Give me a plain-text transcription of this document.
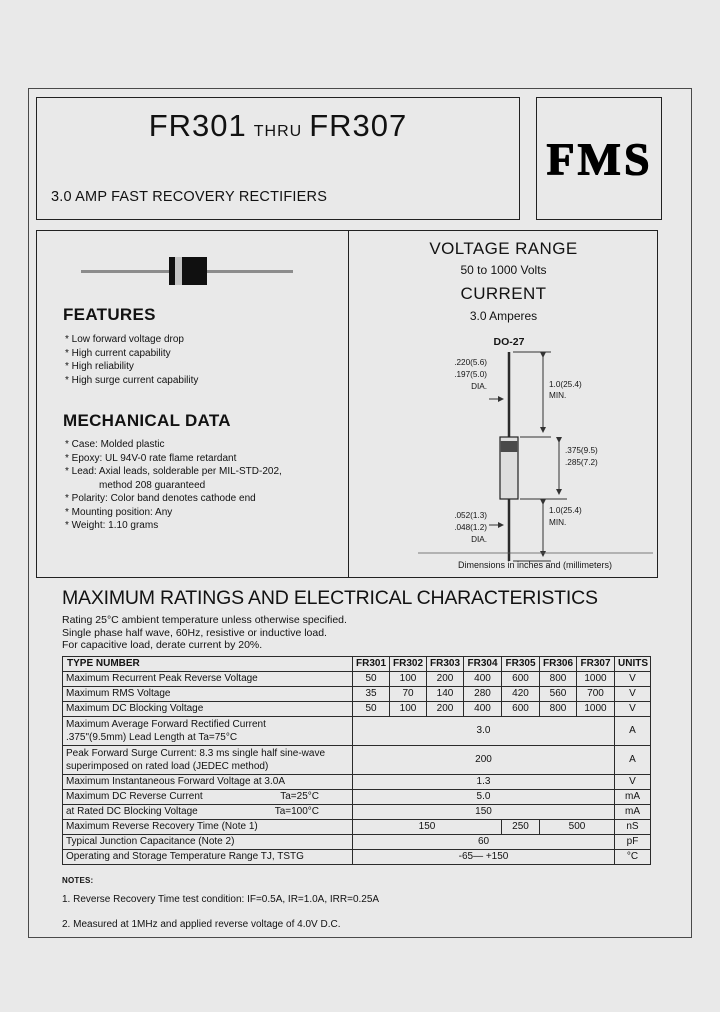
FR301 THRU FR307
3.0 AMP FAST RECOVERY RECTIFIERS
FMS
FEATURES
* Low forward voltage drop
* High current capability
* High reliability
* High surge current capability
MECHANICAL DATA
* Case: Molded plastic
* Epoxy: UL 94V-0 rate flame retardant
* Lead: Axial leads, solderable per MIL-STD-202,
method 208 guaranteed
* Polarity: Color band denotes cathode end
* Mounting position: Any
* Weight: 1.10 grams
VOLTAGE RANGE
50 to 1000 Volts
CURRENT
3.0 Amperes
DO-27
1.0(25.4)
MIN.
.220(5.6)
.197(5.0)
DIA.
.375(9.5)
.285(7.2)
.052(1.3)
.048(1.2)
DIA.
1.0(25.4)
MIN.
Dimensions in inches and (millimeters)
MAXIMUM RATINGS AND ELECTRICAL CHARACTERISTICS
Rating 25°C ambient temperature unless otherwise specified.
Single phase half wave, 60Hz, resistive or inductive load.
For capacitive load, derate current by 20%.
TYPE NUMBER	FR301	FR302	FR303	FR304	FR305	FR306	FR307	UNITS
Maximum Recurrent Peak Reverse Voltage	50	100	200	400	600	800	1000	V
Maximum RMS Voltage	35	70	140	280	420	560	700	V
Maximum DC Blocking Voltage	50	100	200	400	600	800	1000	V

Maximum Average Forward Rectified Current
.375"(9.5mm) Lead Length at Ta=75°C	3.0							A

Peak Forward Surge Current: 8.3 ms single half sine-wave
superimposed on rated load (JEDEC method)	200							A
Maximum Instantaneous Forward Voltage at 3.0A	1.3							V

Maximum DC Reverse Current Ta=25°C	5.0							mA

at Rated DC Blocking Voltage Ta=100°C	150							mA
Maximum Reverse Recovery Time (Note 1)	150				250	500		nS
Typical Junction Capacitance (Note 2)	60							pF
Operating and Storage Temperature Range TJ, TSTG	-65— +150							°C
NOTES:
1. Reverse Recovery Time test condition: IF=0.5A, IR=1.0A, IRR=0.25A
2. Measured at 1MHz and applied reverse voltage of 4.0V D.C.
